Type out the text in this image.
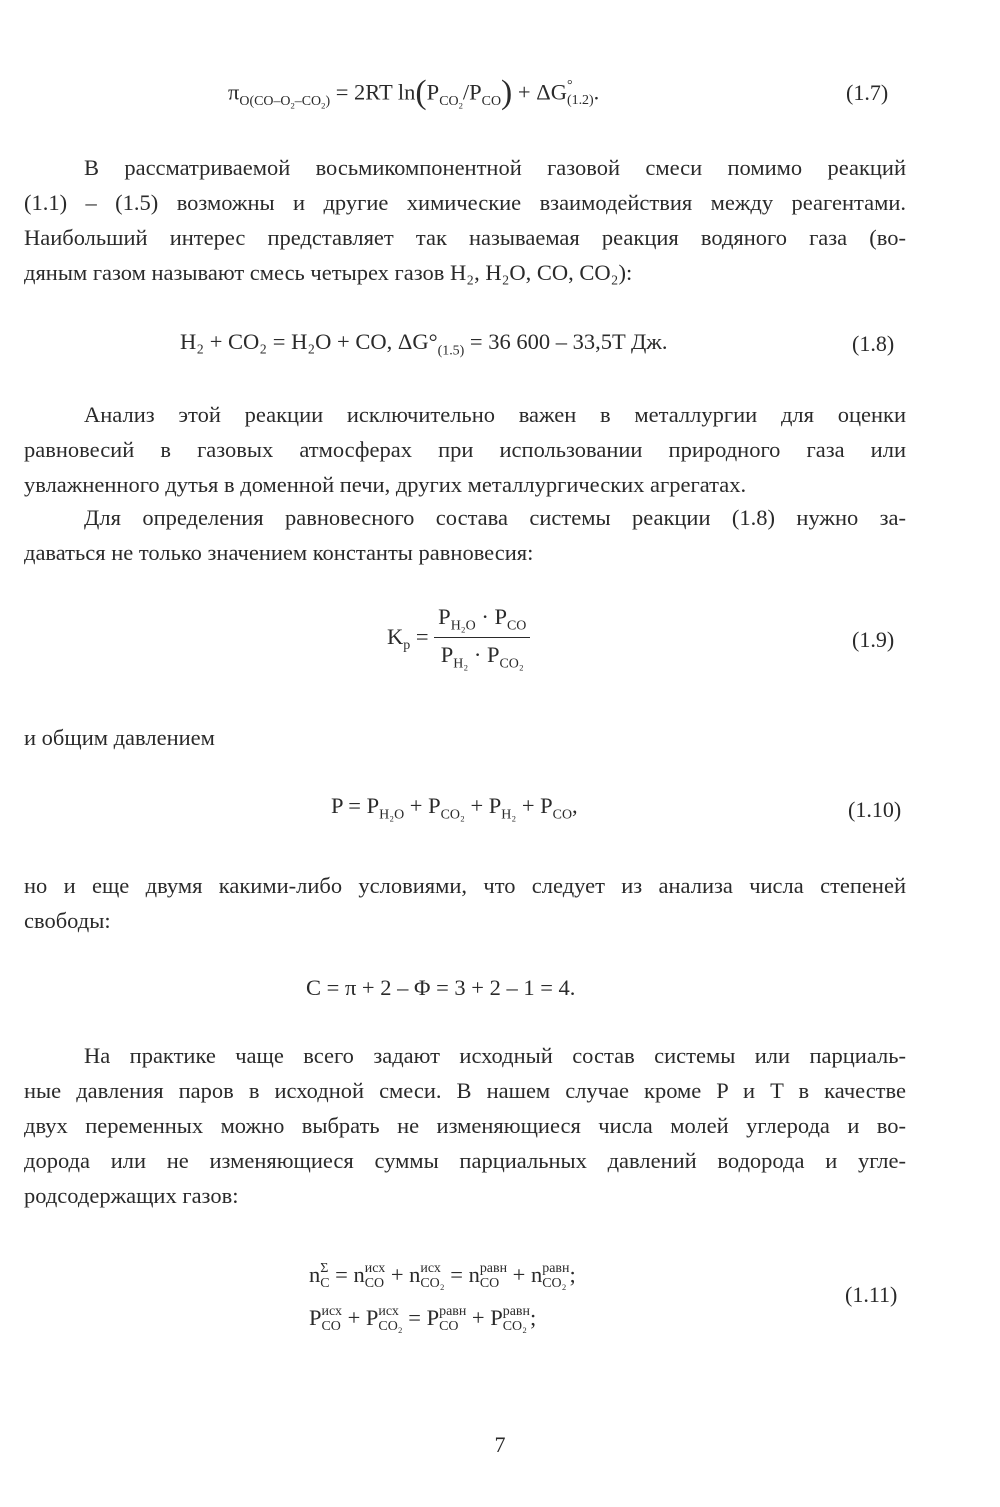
$\pi_{O(CO-O_2-CO_2)} = 2RT$ $\ln(P_{CO_2}/P_{CO}) + \Delta G$ °
(1.2) .	(1.7)

В рассматриваемой восьмикомпонентной газовой смеси помимо реакций
(1.1) – (1.5) возможны и другие химические взаимодействия между реагентами.
Наибольший интерес представляет так называемая реакция водяного газа (во-
дяным газом называют смесь четырех газов H₂, H₂O, CO, CO₂):

H₂ + CO₂ = H₂O + CO, $\Delta G^\circ_{(1.5)} = 36$ 600 – 33,5T Дж.	(1.8)

Анализ этой реакции исключительно важен в металлургии для оценки
равновесий в газовых атмосферах при использовании природного газа или
увлажненного дутья в доменной печи, других металлургических агрегатах.

Для определения равновесного состава системы реакции (1.8) нужно за-
даваться не только значением константы равновесия:

$K_p = \frac{P_{H_2O} \cdot P_{CO}}{P_{H_2} \cdot P_{CO_2}}$	(1.9)

и общим давлением

$P = P_{H_2O} + P_{CO_2} + P_{H_2} + P_{CO}$,	(1.10)

но и еще двумя какими-либо условиями, что следует из анализа числа степеней
свободы:

C = π + 2 – Φ = 3 + 2 – 1 = 4.

На практике чаще всего задают исходный состав системы или парциаль-
ные давления паров в исходной смеси. В нашем случае кроме P и T в качестве
двух переменных можно выбрать не изменяющиеся числа молей углерода и во-
дорода или не изменяющиеся суммы парциальных давлений водорода и угле-
родсодержащих газов:

n Σ
C = n исх
CO + n исх
CO₂ = n равн
CO + n равн
CO₂ ;
P исх
CO + P исх
CO₂ = P равн
CO + P равн
CO₂ ;
(1.11)
7
